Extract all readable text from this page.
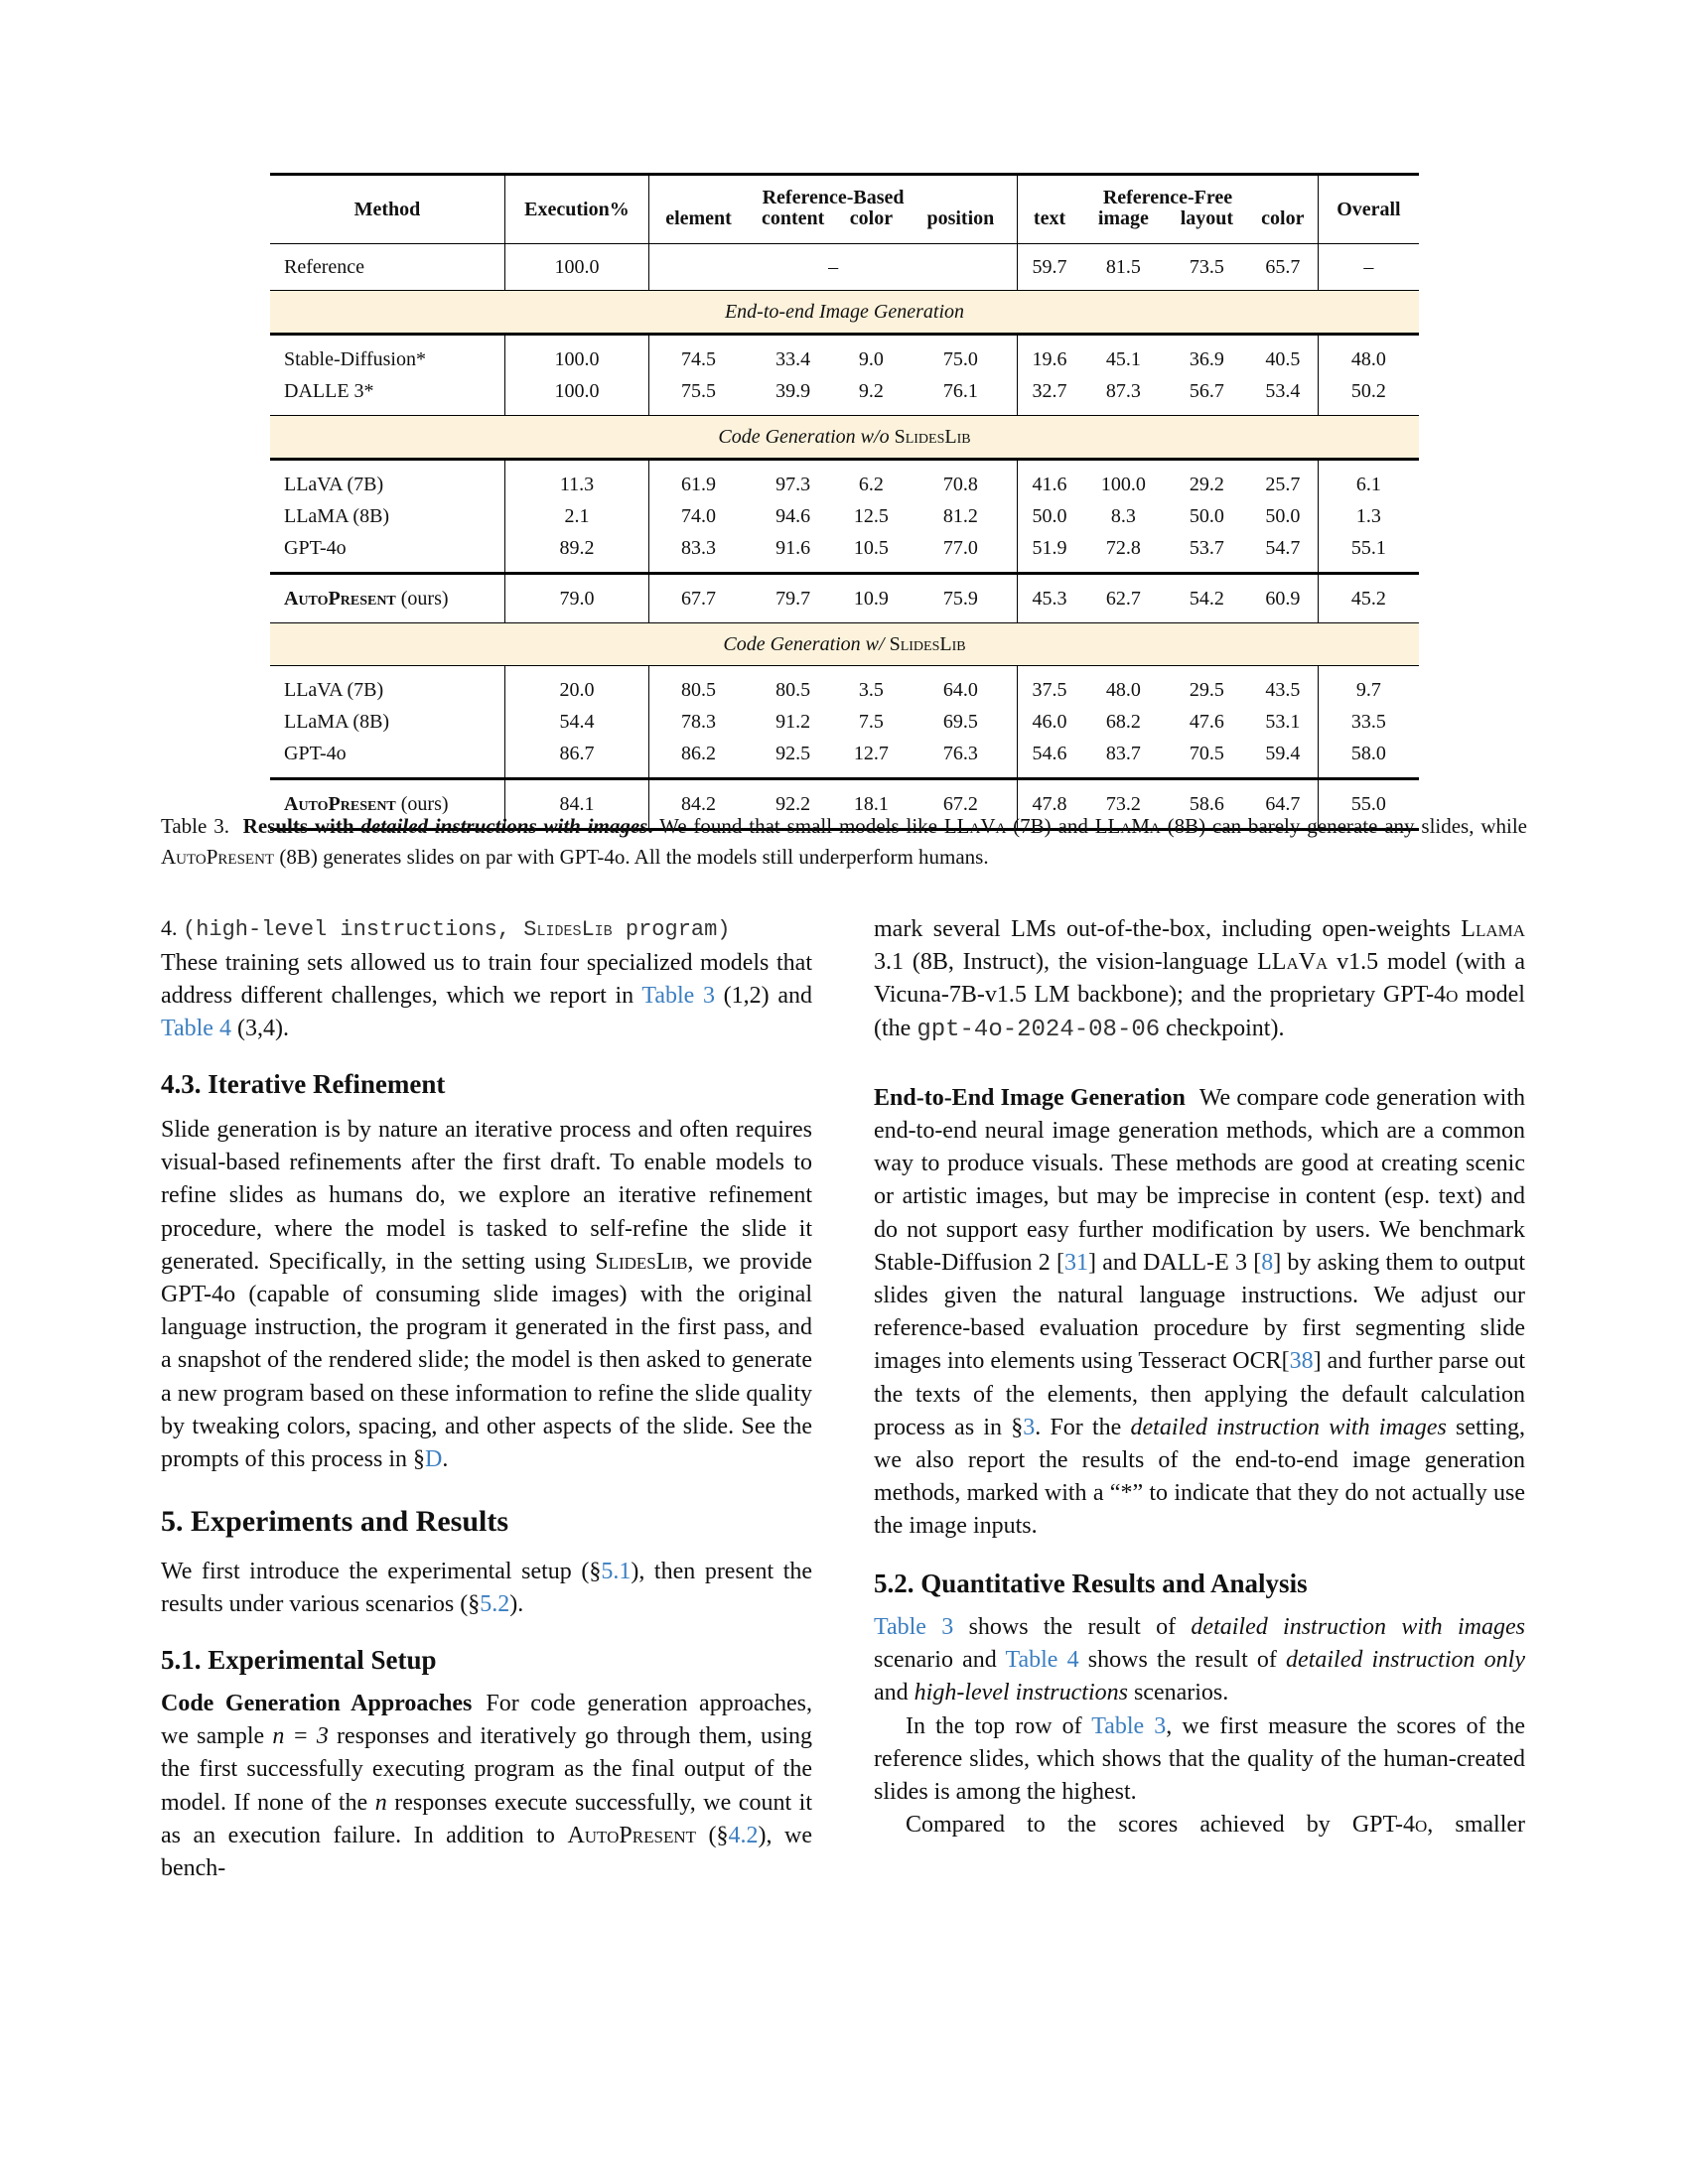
Method	Execution%	Reference-Based				Reference-Free				Overall
		element	content	color	position	text	image	layout	color	

Reference	100.0	–				59.7	81.5	73.5	65.7	–

End-to-end Image Generation										

Stable-Diffusion*	100.0	74.5	33.4	9.0	75.0	19.6	45.1	36.9	40.5	48.0
DALLE 3*	100.0	75.5	39.9	9.2	76.1	32.7	87.3	56.7	53.4	50.2

Code Generation w/o SlidesLib										

LLaVA (7B)	11.3	61.9	97.3	6.2	70.8	41.6	100.0	29.2	25.7	6.1
LLaMA (8B)	2.1	74.0	94.6	12.5	81.2	50.0	8.3	50.0	50.0	1.3
GPT-4o	89.2	83.3	91.6	10.5	77.0	51.9	72.8	53.7	54.7	55.1

AutoPresent (ours)	79.0	67.7	79.7	10.9	75.9	45.3	62.7	54.2	60.9	45.2

Code Generation w/ SlidesLib										

LLaVA (7B)	20.0	80.5	80.5	3.5	64.0	37.5	48.0	29.5	43.5	9.7
LLaMA (8B)	54.4	78.3	91.2	7.5	69.5	46.0	68.2	47.6	53.1	33.5
GPT-4o	86.7	86.2	92.5	12.7	76.3	54.6	83.7	70.5	59.4	58.0

AutoPresent (ours)	84.1	84.2	92.2	18.1	67.2	47.8	73.2	58.6	64.7	55.0

Table 3. Results with detailed instructions with images. We found that small models like LLaVa (7B) and LLaMa (8B) can barely generate any slides, while AutoPresent (8B) generates slides on par with GPT-4o. All the models still underperform humans.
4. (high-level instructions, SlidesLib program)

These training sets allowed us to train four specialized models that address different challenges, which we report in Table 3 (1,2) and Table 4 (3,4).

4.3. Iterative Refinement

Slide generation is by nature an iterative process and often requires visual-based refinements after the first draft. To enable models to refine slides as humans do, we explore an iterative refinement procedure, where the model is tasked to self-refine the slide it generated. Specifically, in the setting using SlidesLib, we provide GPT-4o (capable of consuming slide images) with the original language instruction, the program it generated in the first pass, and a snapshot of the rendered slide; the model is then asked to generate a new program based on these information to refine the slide quality by tweaking colors, spacing, and other aspects of the slide. See the prompts of this process in §D.

5. Experiments and Results

We first introduce the experimental setup (§5.1), then present the results under various scenarios (§5.2).

5.1. Experimental Setup

Code Generation Approaches For code generation approaches, we sample n = 3 responses and iteratively go through them, using the first successfully executing program as the final output of the model. If none of the n responses execute successfully, we count it as an execution failure. In addition to AutoPresent (§4.2), we bench-

mark several LMs out-of-the-box, including open-weights Llama 3.1 (8B, Instruct), the vision-language LLaVa v1.5 model (with a Vicuna-7B-v1.5 LM backbone); and the proprietary GPT-4o model (the gpt-4o-2024-08-06 checkpoint).

End-to-End Image Generation We compare code generation with end-to-end neural image generation methods, which are a common way to produce visuals. These methods are good at creating scenic or artistic images, but may be imprecise in content (esp. text) and do not support easy further modification by users. We benchmark Stable-Diffusion 2 [31] and DALL-E 3 [8] by asking them to output slides given the natural language instructions. We adjust our reference-based evaluation procedure by first segmenting slide images into elements using Tesseract OCR[38] and further parse out the texts of the elements, then applying the default calculation process as in §3. For the detailed instruction with images setting, we also report the results of the end-to-end image generation methods, marked with a “*” to indicate that they do not actually use the image inputs.

5.2. Quantitative Results and Analysis

Table 3 shows the result of detailed instruction with images scenario and Table 4 shows the result of detailed instruction only and high-level instructions scenarios.

In the top row of Table 3, we first measure the scores of the reference slides, which shows that the quality of the human-created slides is among the highest.

Compared to the scores achieved by GPT-4o, smaller
